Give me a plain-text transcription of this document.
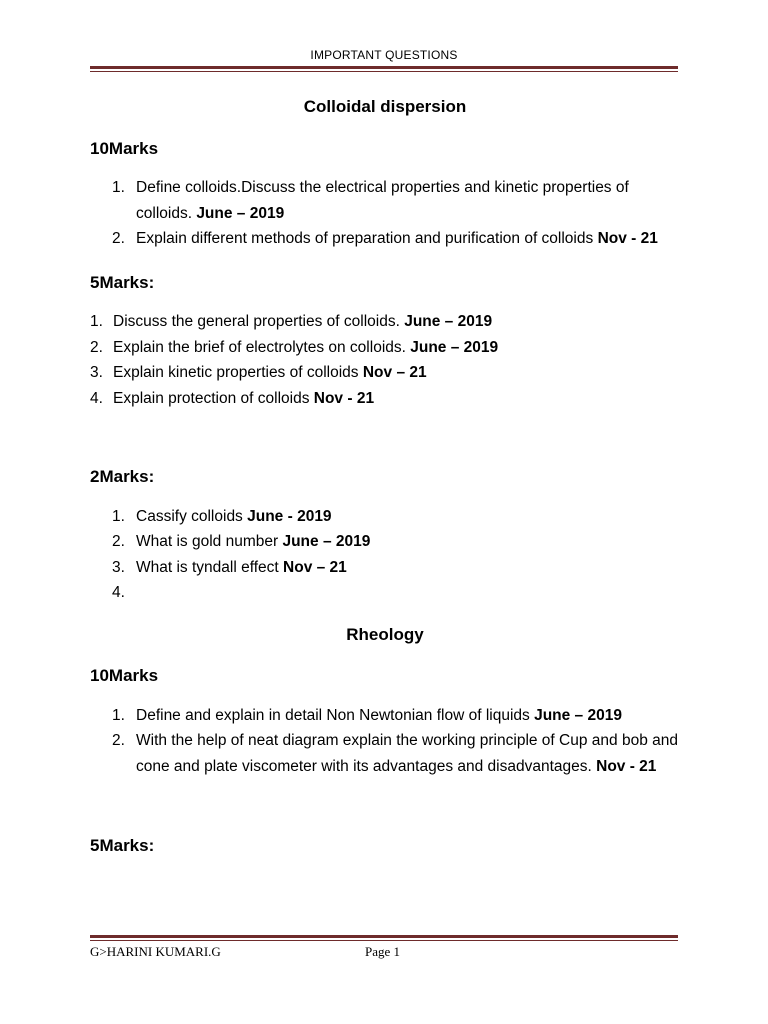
IMPORTANT QUESTIONS

Colloidal dispersion

10Marks

1. Define colloids.Discuss the electrical properties and kinetic properties of colloids. June – 2019
2. Explain different methods of preparation and purification of colloids Nov - 21

5Marks:

1. Discuss the general properties of colloids. June – 2019
2. Explain the brief of electrolytes on colloids. June – 2019
3. Explain kinetic properties of colloids Nov – 21
4. Explain protection of colloids Nov - 21

2Marks:

1. Cassify colloids June - 2019
2. What is gold number June – 2019
3. What is tyndall effect Nov – 21
4.

Rheology

10Marks

1. Define and explain in detail Non Newtonian flow of liquids June – 2019
2. With the help of neat diagram explain the working principle of Cup and bob and cone and plate viscometer with its advantages and disadvantages. Nov - 21

5Marks:

G>HARINI KUMARI.G	Page 1
